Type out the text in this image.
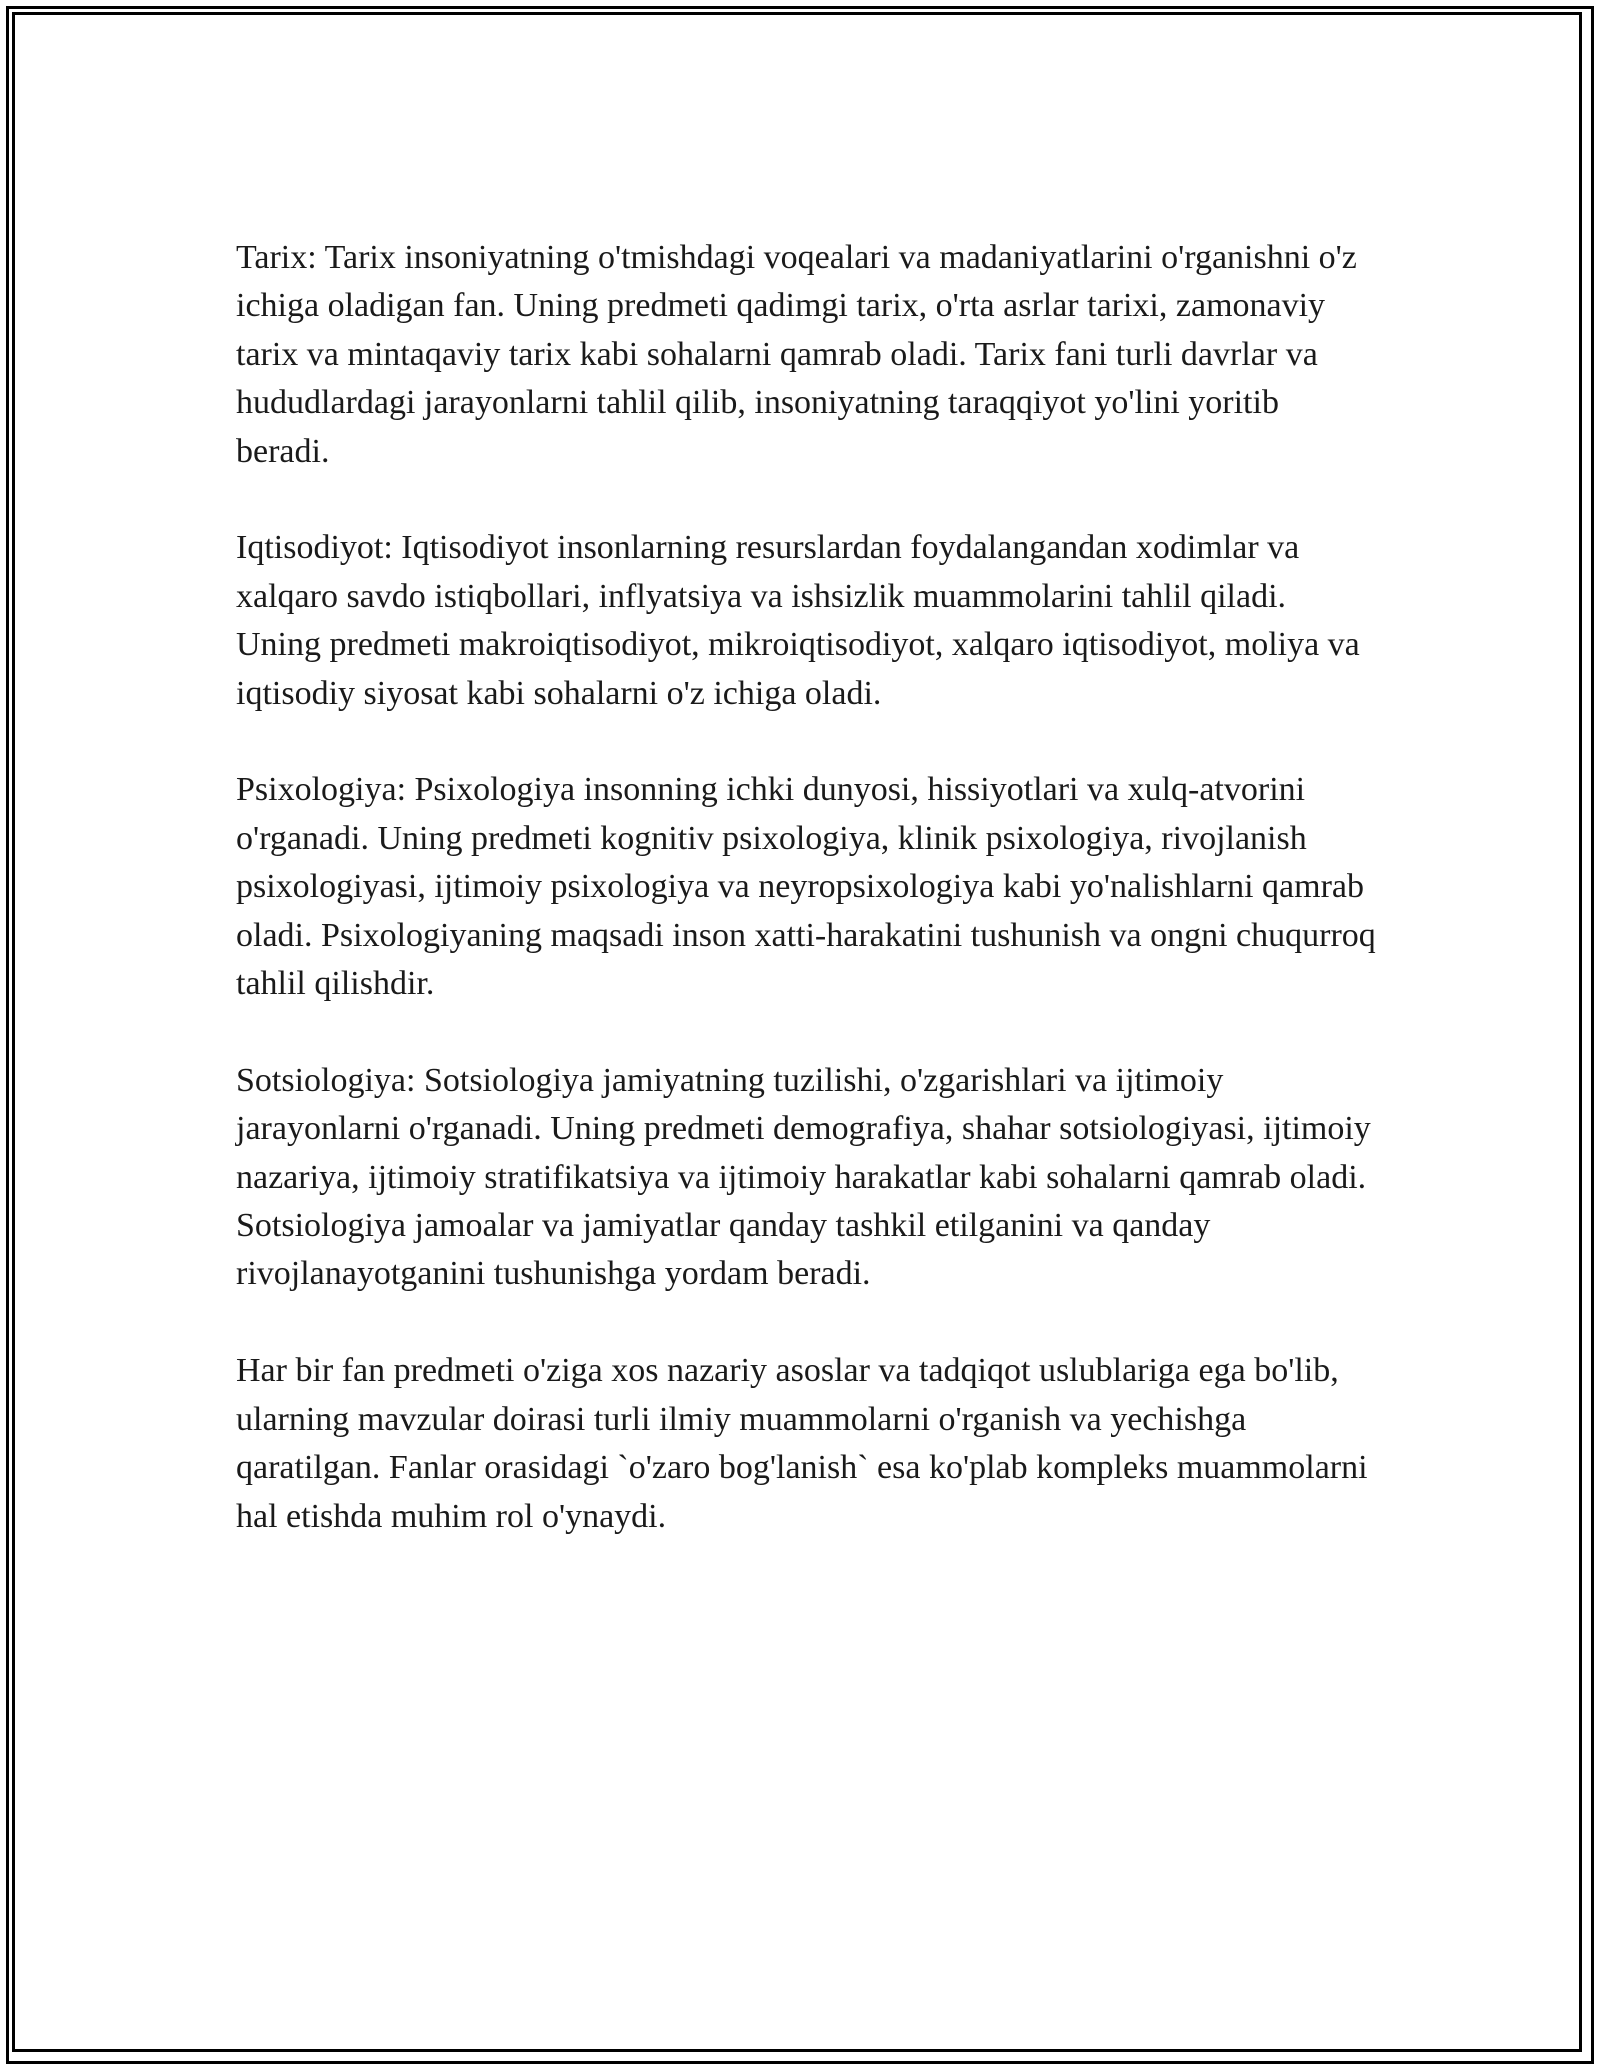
Tarix: Tarix insoniyatning o'tmishdagi voqealari va madaniyatlarini o'rganishni o'z ichiga oladigan fan. Uning predmeti qadimgi tarix, o'rta asrlar tarixi, zamonaviy tarix va mintaqaviy tarix kabi sohalarni qamrab oladi. Tarix fani turli davrlar va hududlardagi jarayonlarni tahlil qilib, insoniyatning taraqqiyot yo'lini yoritib beradi.

Iqtisodiyot: Iqtisodiyot insonlarning resurslardan foydalangandan xodimlar va xalqaro savdo istiqbollari, inflyatsiya va ishsizlik muammolarini tahlil qiladi. Uning predmeti makroiqtisodiyot, mikroiqtisodiyot, xalqaro iqtisodiyot, moliya va iqtisodiy siyosat kabi sohalarni o'z ichiga oladi.

Psixologiya: Psixologiya insonning ichki dunyosi, hissiyotlari va xulq-atvorini o'rganadi. Uning predmeti kognitiv psixologiya, klinik psixologiya, rivojlanish psixologiyasi, ijtimoiy psixologiya va neyropsixologiya kabi yo'nalishlarni qamrab oladi. Psixologiyaning maqsadi inson xatti-harakatini tushunish va ongni chuqurroq tahlil qilishdir.

Sotsiologiya: Sotsiologiya jamiyatning tuzilishi, o'zgarishlari va ijtimoiy jarayonlarni o'rganadi. Uning predmeti demografiya, shahar sotsiologiyasi, ijtimoiy nazariya, ijtimoiy stratifikatsiya va ijtimoiy harakatlar kabi sohalarni qamrab oladi. Sotsiologiya jamoalar va jamiyatlar qanday tashkil etilganini va qanday rivojlanayotganini tushunishga yordam beradi.

Har bir fan predmeti o'ziga xos nazariy asoslar va tadqiqot uslublariga ega bo'lib, ularning mavzular doirasi turli ilmiy muammolarni o'rganish va yechishga qaratilgan. Fanlar orasidagi `o'zaro bog'lanish` esa ko'plab kompleks muammolarni hal etishda muhim rol o'ynaydi.
